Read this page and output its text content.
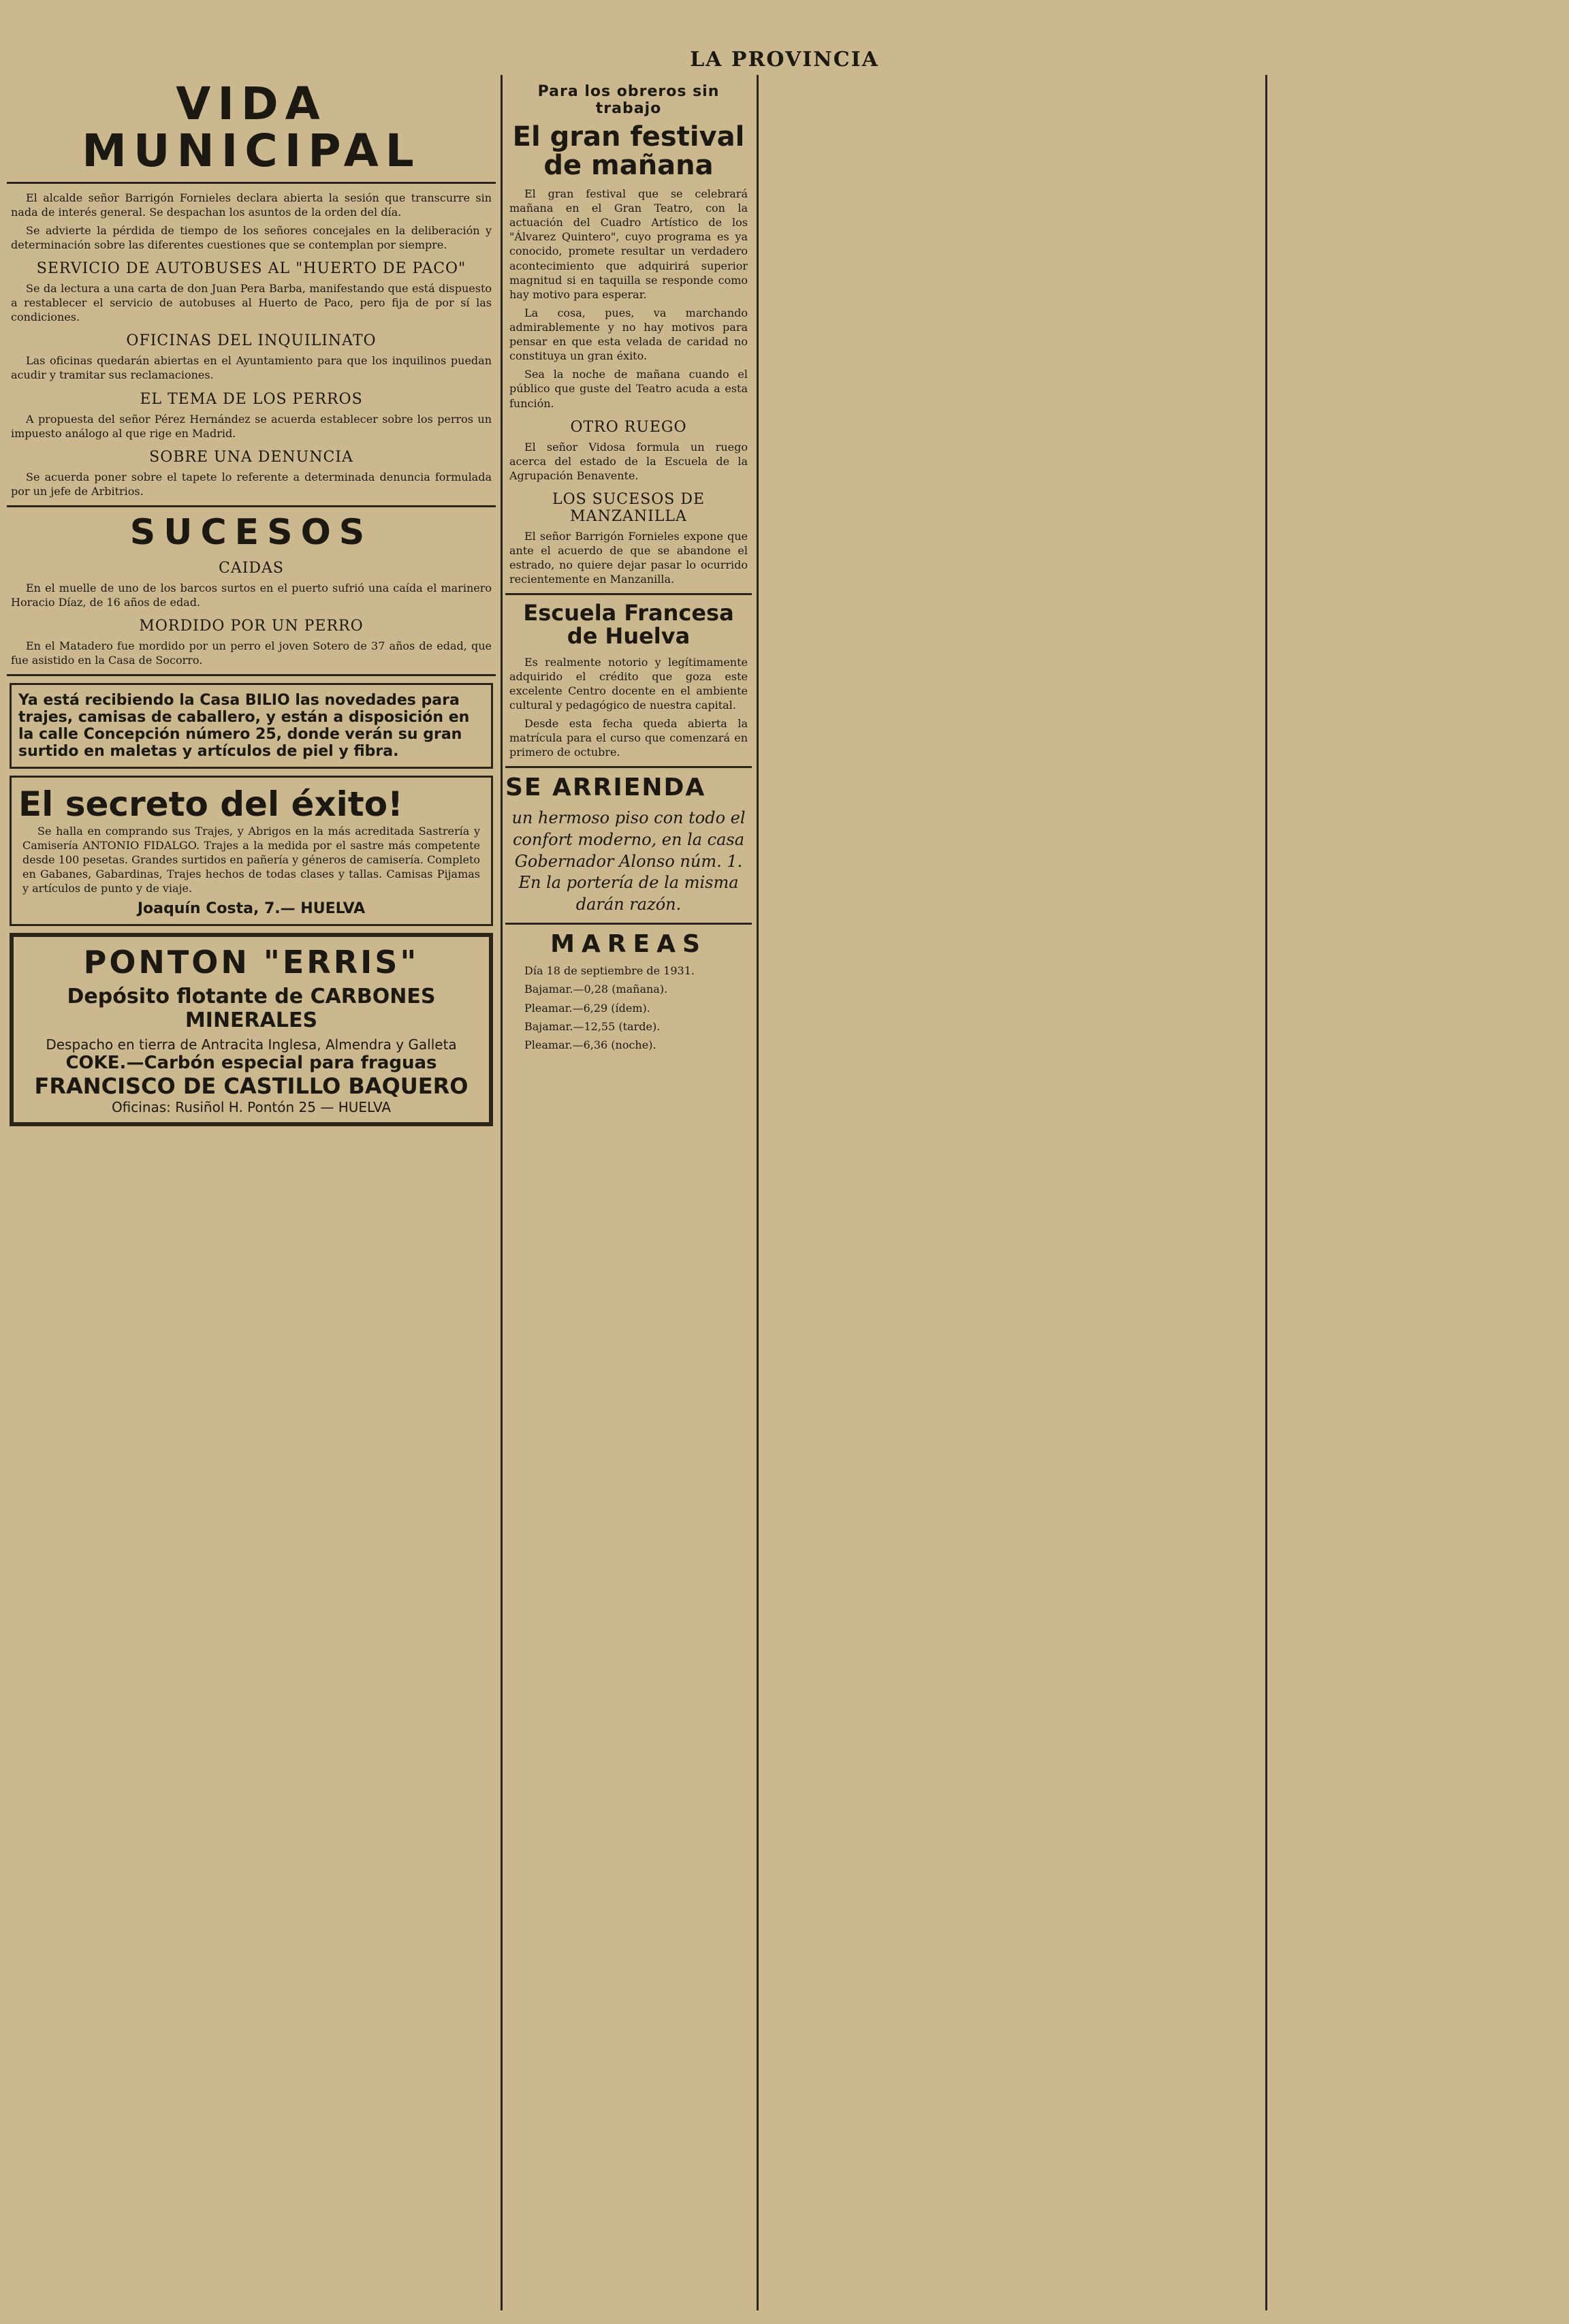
LA PROVINCIA
VIDA MUNICIPAL

El alcalde señor Barrigón Fornieles declara abierta la sesión que transcurre sin nada de interés general. Se despachan los asuntos de la orden del día.

Se advierte la pérdida de tiempo de los señores concejales en la deliberación y determinación sobre las diferentes cuestiones que se contemplan por siempre.

SERVICIO DE AUTOBUSES AL "HUERTO DE PACO"

Se da lectura a una carta de don Juan Pera Barba, manifestando que está dispuesto a restablecer el servicio de autobuses al Huerto de Paco, pero fija de por sí las condiciones.

OFICINAS DEL INQUILINATO

Las oficinas quedarán abiertas en el Ayuntamiento para que los inquilinos puedan acudir y tramitar sus reclamaciones.

EL TEMA DE LOS PERROS

A propuesta del señor Pérez Hernández se acuerda establecer sobre los perros un impuesto análogo al que rige en Madrid.

SOBRE UNA DENUNCIA

Se acuerda poner sobre el tapete lo referente a determinada denuncia formulada por un jefe de Arbitrios.

SUCESOS
CAIDAS

En el muelle de uno de los barcos surtos en el puerto sufrió una caída el marinero Horacio Díaz, de 16 años de edad.

MORDIDO POR UN PERRO

En el Matadero fue mordido por un perro el joven Sotero de 37 años de edad, que fue asistido en la Casa de Socorro.

Ya está recibiendo la Casa BILIO las novedades para trajes, camisas de caballero, y están a disposición en la calle Concepción número 25, donde verán su gran surtido en maletas y artículos de piel y fibra.
El secreto del éxito!

Se halla en comprando sus Trajes, y Abrigos en la más acreditada Sastrería y Camisería ANTONIO FIDALGO. Trajes a la medida por el sastre más competente desde 100 pesetas. Grandes surtidos en pañería y géneros de camisería. Completo en Gabanes, Gabardinas, Trajes hechos de todas clases y tallas. Camisas Pijamas y artículos de punto y de viaje.

Joaquín Costa, 7.— HUELVA
PONTON "ERRIS"
Depósito flotante de CARBONES MINERALES
Despacho en tierra de Antracita Inglesa, Almendra y Galleta
COKE.—Carbón especial para fraguas
FRANCISCO DE CASTILLO BAQUERO
Oficinas: Rusiñol H. Pontón 25 — HUELVA
Para los obreros sin trabajo
El gran festival de mañana

El gran festival que se celebrará mañana en el Gran Teatro, con la actuación del Cuadro Artístico de los "Álvarez Quintero", cuyo programa es ya conocido, promete resultar un verdadero acontecimiento que adquirirá superior magnitud si en taquilla se responde como hay motivo para esperar.

La cosa, pues, va marchando admirablemente y no hay motivos para pensar en que esta velada de caridad no constituya un gran éxito.

Sea la noche de mañana cuando el público que guste del Teatro acuda a esta función.

OTRO RUEGO

El señor Vidosa formula un ruego acerca del estado de la Escuela de la Agrupación Benavente.

LOS SUCESOS DE MANZANILLA

El señor Barrigón Fornieles expone que ante el acuerdo de que se abandone el estrado, no quiere dejar pasar lo ocurrido recientemente en Manzanilla.

Escuela Francesa de Huelva

Es realmente notorio y legítimamente adquirido el crédito que goza este excelente Centro docente en el ambiente cultural y pedagógico de nuestra capital.

Desde esta fecha queda abierta la matrícula para el curso que comenzará en primero de octubre.

SE ARRIENDA

un hermoso piso con todo el confort moderno, en la casa Gobernador Alonso núm. 1. En la portería de la misma darán razón.

MAREAS

Día 18 de septiembre de 1931.

Bajamar.—0,28 (mañana).
Pleamar.—6,29 (ídem).
Bajamar.—12,55 (tarde).
Pleamar.—6,36 (noche).
